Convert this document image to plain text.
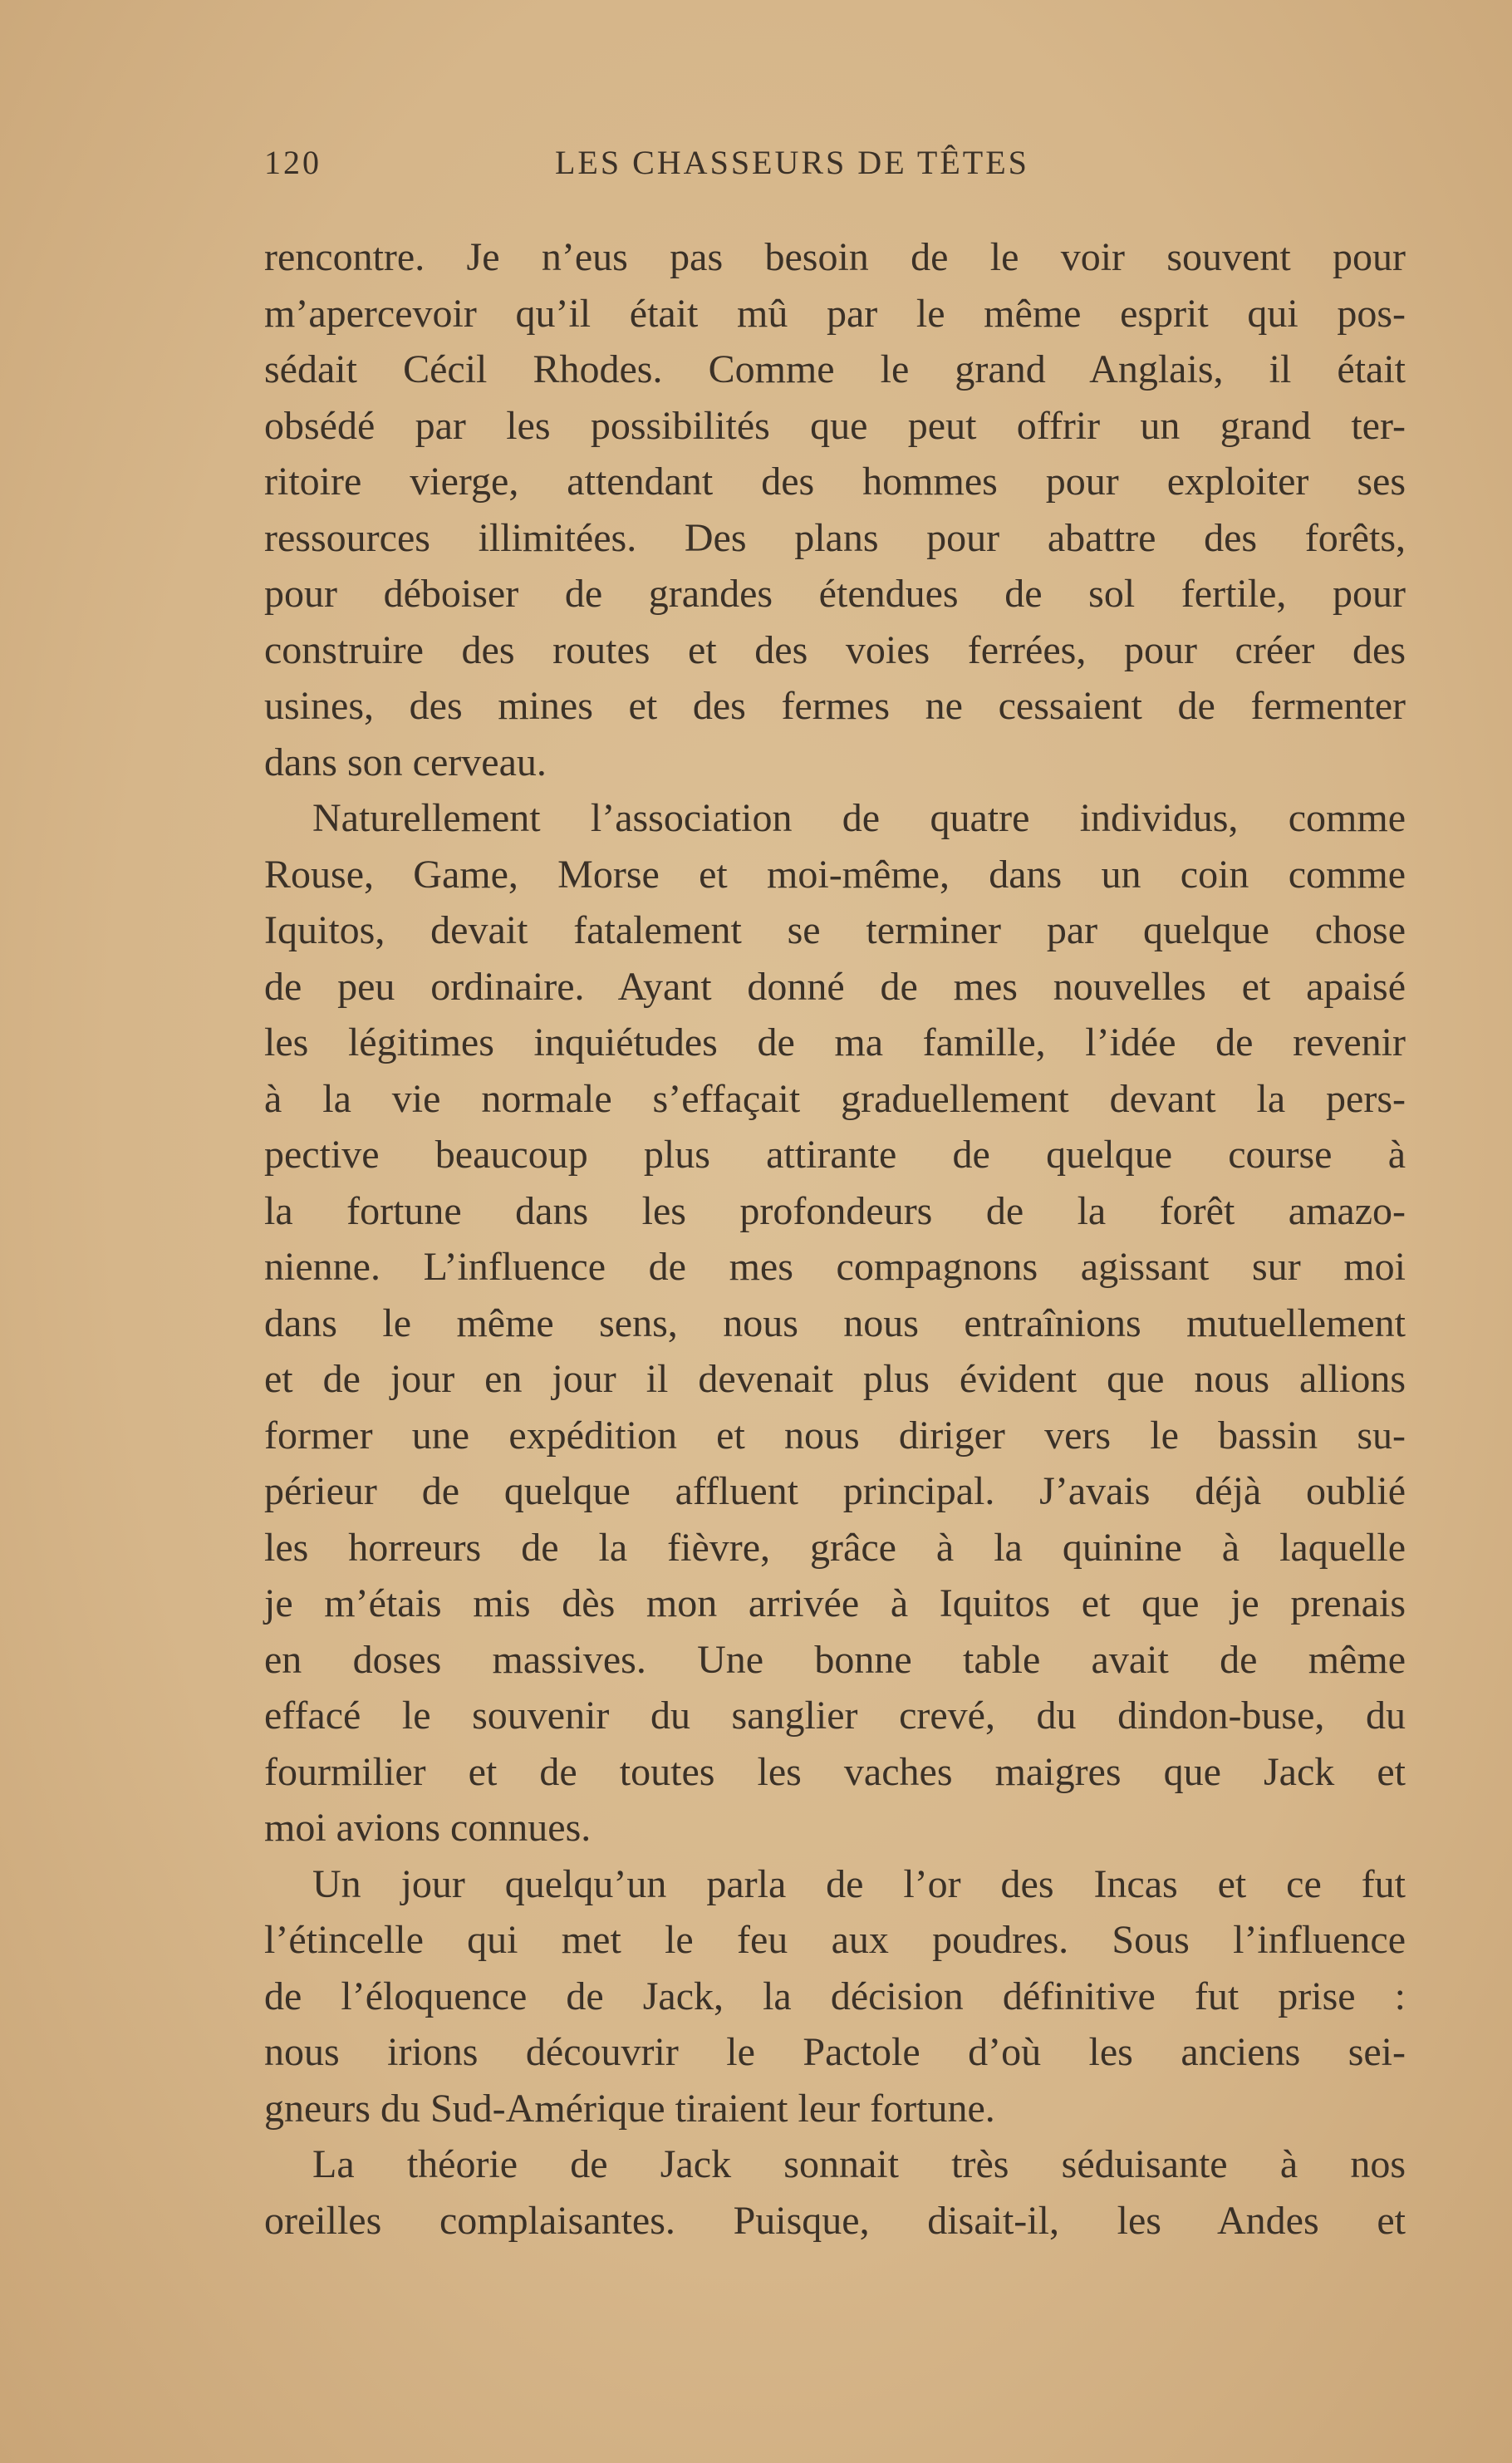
120	LES CHASSEURS DE TÊTES
rencontre. Je n’eus pas besoin de le voir souvent pour
m’apercevoir qu’il était mû par le même esprit qui pos-
sédait Cécil Rhodes. Comme le grand Anglais, il était
obsédé par les possibilités que peut offrir un grand ter-
ritoire vierge, attendant des hommes pour exploiter ses
ressources illimitées. Des plans pour abattre des forêts,
pour déboiser de grandes étendues de sol fertile, pour
construire des routes et des voies ferrées, pour créer des
usines, des mines et des fermes ne cessaient de fermenter
dans son cerveau.
Naturellement l’association de quatre individus, comme
Rouse, Game, Morse et moi-même, dans un coin comme
Iquitos, devait fatalement se terminer par quelque chose
de peu ordinaire. Ayant donné de mes nouvelles et apaisé
les légitimes inquiétudes de ma famille, l’idée de revenir
à la vie normale s’effaçait graduellement devant la pers-
pective beaucoup plus attirante de quelque course à
la fortune dans les profondeurs de la forêt amazo-
nienne. L’influence de mes compagnons agissant sur moi
dans le même sens, nous nous entraînions mutuellement
et de jour en jour il devenait plus évident que nous allions
former une expédition et nous diriger vers le bassin su-
périeur de quelque affluent principal. J’avais déjà oublié
les horreurs de la fièvre, grâce à la quinine à laquelle
je m’étais mis dès mon arrivée à Iquitos et que je prenais
en doses massives. Une bonne table avait de même
effacé le souvenir du sanglier crevé, du dindon-buse, du
fourmilier et de toutes les vaches maigres que Jack et
moi avions connues.
Un jour quelqu’un parla de l’or des Incas et ce fut
l’étincelle qui met le feu aux poudres. Sous l’influence
de l’éloquence de Jack, la décision définitive fut prise :
nous irions découvrir le Pactole d’où les anciens sei-
gneurs du Sud-Amérique tiraient leur fortune.
La théorie de Jack sonnait très séduisante à nos
oreilles complaisantes. Puisque, disait-il, les Andes et
